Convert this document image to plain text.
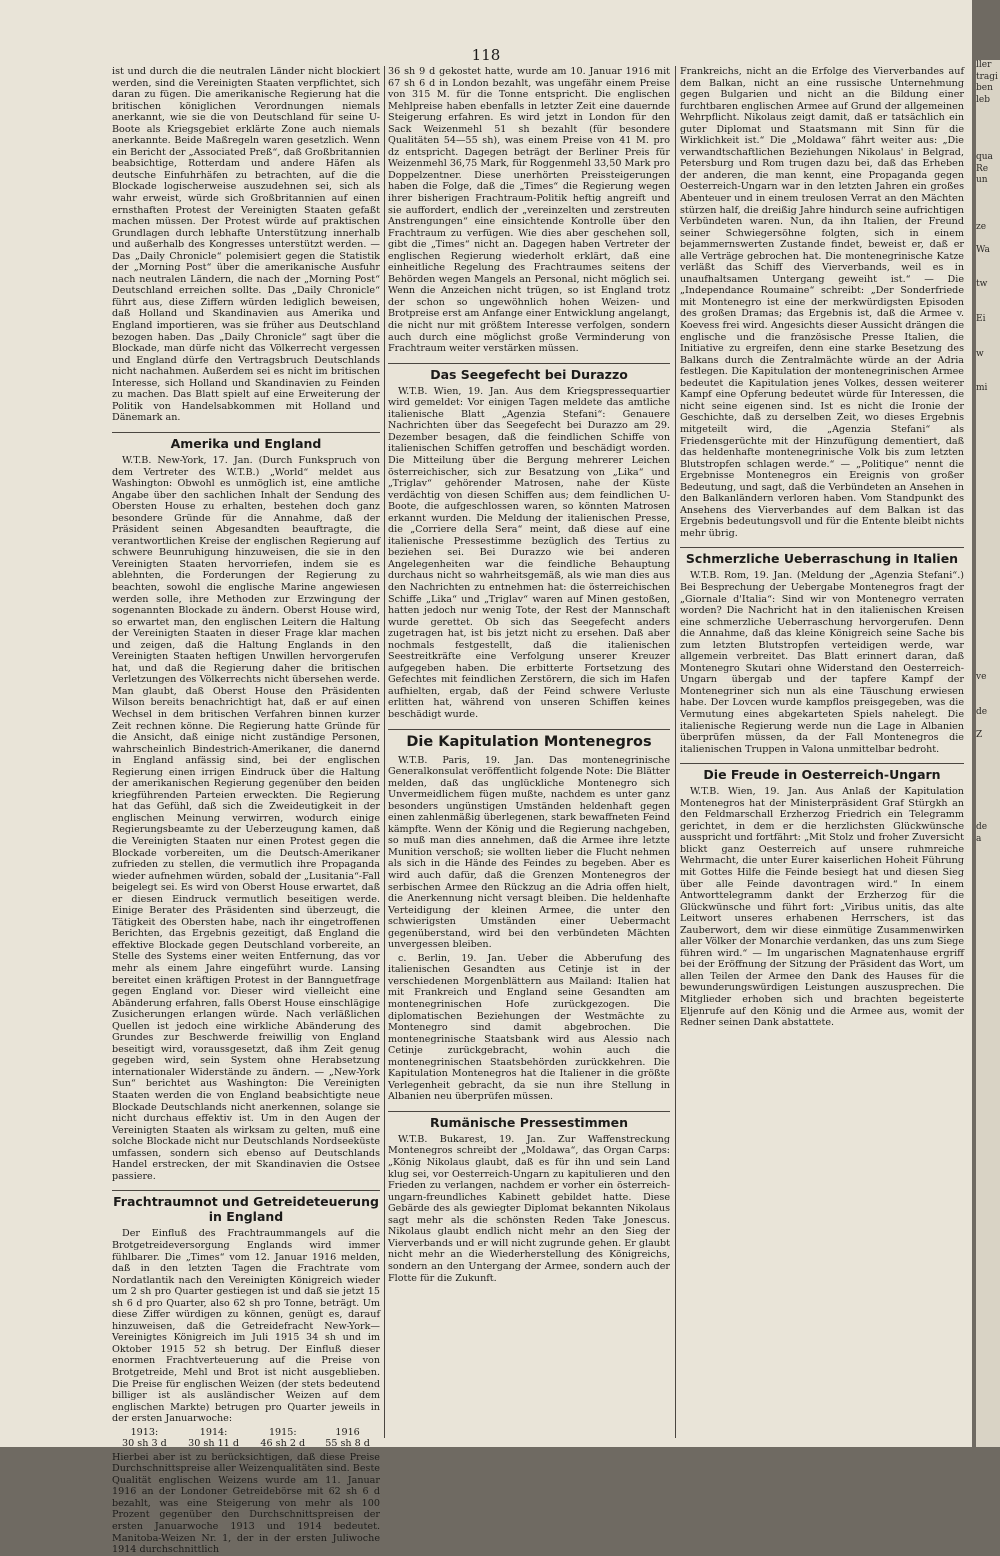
118

ist und durch die die neutralen Länder nicht blockiert werden, sind die Vereinigten Staaten verpflichtet, sich daran zu fügen. Die amerikanische Regierung hat die britischen königlichen Verordnungen niemals anerkannt, wie sie die von Deutschland für seine U-Boote als Kriegsgebiet erklärte Zone auch niemals anerkannte. Beide Maßregeln waren gesetzlich. Wenn ein Bericht der „Associated Preß“, daß Großbritannien beabsichtige, Rotterdam und andere Häfen als deutsche Einfuhrhäfen zu betrachten, auf die die Blockade logischerweise auszudehnen sei, sich als wahr erweist, würde sich Großbritannien auf einen ernsthaften Protest der Vereinigten Staaten gefaßt machen müssen. Der Protest würde auf praktischen Grundlagen durch lebhafte Unterstützung innerhalb und außerhalb des Kongresses unterstützt werden. — Das „Daily Chronicle“ polemisiert gegen die Statistik der „Morning Post“ über die amerikanische Ausfuhr nach neutralen Ländern, die nach der „Morning Post“ Deutschland erreichen sollte. Das „Daily Chronicle“ führt aus, diese Ziffern würden lediglich beweisen, daß Holland und Skandinavien aus Amerika und England importieren, was sie früher aus Deutschland bezogen haben. Das „Daily Chronicle“ sagt über die Blockade, man dürfe nicht das Völkerrecht vergessen und England dürfe den Vertragsbruch Deutschlands nicht nachahmen. Außerdem sei es nicht im britischen Interesse, sich Holland und Skandinavien zu Feinden zu machen. Das Blatt spielt auf eine Erweiterung der Politik von Handelsabkommen mit Holland und Dänemark an.

Amerika und England

W.T.B. New-York, 17. Jan. (Durch Funkspruch von dem Vertreter des W.T.B.) „World“ meldet aus Washington: Obwohl es unmöglich ist, eine amtliche Angabe über den sachlichen Inhalt der Sendung des Obersten House zu erhalten, bestehen doch ganz besondere Gründe für die Annahme, daß der Präsident seinen Abgesandten beauftragte, die verantwortlichen Kreise der englischen Regierung auf schwere Beunruhigung hinzuweisen, die sie in den Vereinigten Staaten hervorriefen, indem sie es ablehnten, die Forderungen der Regierung zu beachten, sowohl die englische Marine angewiesen werden solle, ihre Methoden zur Erzwingung der sogenannten Blockade zu ändern. Oberst House wird, so erwartet man, den englischen Leitern die Haltung der Vereinigten Staaten in dieser Frage klar machen und zeigen, daß die Haltung Englands in den Vereinigten Staaten heftigen Unwillen hervorgerufen hat, und daß die Regierung daher die britischen Verletzungen des Völkerrechts nicht übersehen werde. Man glaubt, daß Oberst House den Präsidenten Wilson bereits benachrichtigt hat, daß er auf einen Wechsel in dem britischen Verfahren binnen kurzer Zeit rechnen könne. Die Regierung hatte Gründe für die Ansicht, daß einige nicht zuständige Personen, wahrscheinlich Bindestrich-Amerikaner, die danernd in England anfässig sind, bei der englischen Regierung einen irrigen Eindruck über die Haltung der amerikanischen Regierung gegenüber den beiden kriegführenden Parteien erweckten. Die Regierung hat das Gefühl, daß sich die Zweideutigkeit in der englischen Meinung verwirren, wodurch einige Regierungsbeamte zu der Ueberzeugung kamen, daß die Vereinigten Staaten nur einen Protest gegen die Blockade vorbereiten, um die Deutsch-Amerikaner zufrieden zu stellen, die vermutlich ihre Propaganda wieder aufnehmen würden, sobald der „Lusitania“-Fall beigelegt sei. Es wird von Oberst House erwartet, daß er diesen Eindruck vermutlich beseitigen werde. Einige Berater des Präsidenten sind überzeugt, die Tätigkeit des Obersten habe, nach ihr eingetroffenen Berichten, das Ergebnis gezeitigt, daß England die effektive Blockade gegen Deutschland vorbereite, an Stelle des Systems einer weiten Entfernung, das vor mehr als einem Jahre eingeführt wurde. Lansing bereitet einen kräftigen Protest in der Bannguetfrage gegen England vor. Dieser wird vielleicht eine Abänderung erfahren, falls Oberst House einschlägige Zusicherungen erlangen würde. Nach verläßlichen Quellen ist jedoch eine wirkliche Abänderung des Grundes zur Beschwerde freiwillig von England beseitigt wird, voraussgesetzt, daß ihm Zeit genug gegeben wird, sein System ohne Herabsetzung internationaler Widerstände zu ändern. — „New-York Sun“ berichtet aus Washington: Die Vereinigten Staaten werden die von England beabsichtigte neue Blockade Deutschlands nicht anerkennen, solange sie nicht durchaus effektiv ist. Um in den Augen der Vereinigten Staaten als wirksam zu gelten, muß eine solche Blockade nicht nur Deutschlands Nordseeküste umfassen, sondern sich ebenso auf Deutschlands Handel erstrecken, der mit Skandinavien die Ostsee passiere.

Frachtraumnot und Getreideteuerung in England

Der Einfluß des Frachtraummangels auf die Brotgetreideversorgung Englands wird immer fühlbarer. Die „Times“ vom 12. Januar 1916 melden, daß in den letzten Tagen die Frachtrate vom Nordatlantik nach den Vereinigten Königreich wieder um 2 sh pro Quarter gestiegen ist und daß sie jetzt 15 sh 6 d pro Quarter, also 62 sh pro Tonne, beträgt. Um diese Ziffer würdigen zu können, genügt es, darauf hinzuweisen, daß die Getreidefracht New-York—Vereinigtes Königreich im Juli 1915 34 sh und im Oktober 1915 52 sh betrug. Der Einfluß dieser enormen Frachtverteuerung auf die Preise von Brotgetreide, Mehl und Brot ist nicht ausgeblieben. Die Preise für englischen Weizen (der stets bedeutend billiger ist als ausländischer Weizen auf dem englischen Markte) betrugen pro Quarter jeweils in der ersten Januarwoche:

1913:	1914:	1915:	1916
30 sh 3 d	30 sh 11 d	46 sh 2 d	55 sh 8 d

Hierbei aber ist zu berücksichtigen, daß diese Preise Durchschnittspreise aller Weizenqualitäten sind. Beste Qualität englischen Weizens wurde am 11. Januar 1916 an der Londoner Getreidebörse mit 62 sh 6 d bezahlt, was eine Steigerung von mehr als 100 Prozent gegenüber den Durchschnittspreisen der ersten Januarwoche 1913 und 1914 bedeutet. Manitoba-Weizen Nr. 1, der in der ersten Juliwoche 1914 durchschnittlich

36 sh 9 d gekostet hatte, wurde am 10. Januar 1916 mit 67 sh 6 d in London bezahlt, was ungefähr einem Preise von 315 M. für die Tonne entspricht. Die englischen Mehlpreise haben ebenfalls in letzter Zeit eine dauernde Steigerung erfahren. Es wird jetzt in London für den Sack Weizenmehl 51 sh bezahlt (für besondere Qualitäten 54—55 sh), was einem Preise von 41 M. pro dz entspricht. Dagegen beträgt der Berliner Preis für Weizenmehl 36,75 Mark, für Roggenmehl 33,50 Mark pro Doppelzentner. Diese unerhörten Preissteigerungen haben die Folge, daß die „Times“ die Regierung wegen ihrer bisherigen Frachtraum-Politik heftig angreift und sie auffordert, endlich der „vereinzelten und zerstreuten Anstrengungen“ eine einsichtende Kontrolle über den Frachtraum zu verfügen. Wie dies aber geschehen soll, gibt die „Times“ nicht an. Dagegen haben Vertreter der englischen Regierung wiederholt erklärt, daß eine einheitliche Regelung des Frachtraumes seitens der Behörden wegen Mangels an Personal, nicht möglich sei. Wenn die Anzeichen nicht trügen, so ist England trotz der schon so ungewöhnlich hohen Weizen- und Brotpreise erst am Anfange einer Entwicklung angelangt, die nicht nur mit größtem Interesse verfolgen, sondern auch durch eine möglichst große Verminderung von Frachtraum weiter verstärken müssen.

Das Seegefecht bei Durazzo

W.T.B. Wien, 19. Jan. Aus dem Kriegspressequartier wird gemeldet: Vor einigen Tagen meldete das amtliche italienische Blatt „Agenzia Stefani“: Genauere Nachrichten über das Seegefecht bei Durazzo am 29. Dezember besagen, daß die feindlichen Schiffe von italienischen Schiffen getroffen und beschädigt worden. Die Mitteilung über die Bergung mehrerer Leichen österreichischer, sich zur Besatzung von „Lika“ und „Triglav“ gehörender Matrosen, nahe der Küste verdächtig von diesen Schiffen aus; dem feindlichen U-Boote, die aufgeschlossen waren, so könnten Matrosen erkannt wurden. Die Meldung der italienischen Presse, die „Corriere della Sera“ meint, daß diese auf eine italienische Pressestimme bezüglich des Tertius zu beziehen sei. Bei Durazzo wie bei anderen Angelegenheiten war die feindliche Behauptung durchaus nicht so wahrheitsgemäß, als wie man dies aus den Nachrichten zu entnehmen hat: die österreichischen Schiffe „Lika“ und „Triglav“ waren auf Minen gestoßen, hatten jedoch nur wenig Tote, der Rest der Mannschaft wurde gerettet. Ob sich das Seegefecht anders zugetragen hat, ist bis jetzt nicht zu ersehen. Daß aber nochmals festgestellt, daß die italienischen Seestreitkräfte eine Verfolgung unserer Kreuzer aufgegeben haben. Die erbitterte Fortsetzung des Gefechtes mit feindlichen Zerstörern, die sich im Hafen aufhielten, ergab, daß der Feind schwere Verluste erlitten hat, während von unseren Schiffen keines beschädigt wurde.

Die Kapitulation Montenegros

W.T.B. Paris, 19. Jan. Das montenegrinische Generalkonsulat veröffentlicht folgende Note: Die Blätter melden, daß das unglückliche Montenegro sich Unvermeidlichem fügen mußte, nachdem es unter ganz besonders ungünstigen Umständen heldenhaft gegen einen zahlenmäßig überlegenen, stark bewaffneten Feind kämpfte. Wenn der König und die Regierung nachgeben, so muß man dies annehmen, daß die Armee ihre letzte Munition verschoß; sie wollten lieber die Flucht nehmen als sich in die Hände des Feindes zu begeben. Aber es wird auch dafür, daß die Grenzen Montenegros der serbischen Armee den Rückzug an die Adria offen hielt, die Anerkennung nicht versagt bleiben. Die heldenhafte Verteidigung der kleinen Armee, die unter den schwierigsten Umständen einer Uebermacht gegenüberstand, wird bei den verbündeten Mächten unvergessen bleiben.

c. Berlin, 19. Jan. Ueber die Abberufung des italienischen Gesandten aus Cetinje ist in der verschiedenen Morgenblättern aus Mailand: Italien hat mit Frankreich und England seine Gesandten am montenegrinischen Hofe zurückgezogen. Die diplomatischen Beziehungen der Westmächte zu Montenegro sind damit abgebrochen. Die montenegrinische Staatsbank wird aus Alessio nach Cetinje zurückgebracht, wohin auch die montenegrinischen Staatsbehörden zurückkehren. Die Kapitulation Montenegros hat die Italiener in die größte Verlegenheit gebracht, da sie nun ihre Stellung in Albanien neu überprüfen müssen.

Rumänische Pressestimmen

W.T.B. Bukarest, 19. Jan. Zur Waffenstreckung Montenegros schreibt der „Moldawa“, das Organ Carps: „König Nikolaus glaubt, daß es für ihn und sein Land klug sei, vor Oesterreich-Ungarn zu kapitulieren und den Frieden zu verlangen, nachdem er vorher ein österreich-ungarn-freundliches Kabinett gebildet hatte. Diese Gebärde des als gewiegter Diplomat bekannten Nikolaus sagt mehr als die schönsten Reden Take Jonescus. Nikolaus glaubt endlich nicht mehr an den Sieg der Vierverbands und er will nicht zugrunde gehen. Er glaubt nicht mehr an die Wiederherstellung des Königreichs, sondern an den Untergang der Armee, sondern auch der Flotte für die Zukunft.

Frankreichs, nicht an die Erfolge des Vierverbandes auf dem Balkan, nicht an eine russische Unternehmung gegen Bulgarien und nicht an die Bildung einer furchtbaren englischen Armee auf Grund der allgemeinen Wehrpflicht. Nikolaus zeigt damit, daß er tatsächlich ein guter Diplomat und Staatsmann mit Sinn für die Wirklichkeit ist.“ Die „Moldawa“ fährt weiter aus: „Die verwandtschaftlichen Beziehungen Nikolaus' in Belgrad, Petersburg und Rom trugen dazu bei, daß das Erheben der anderen, die man kennt, eine Propaganda gegen Oesterreich-Ungarn war in den letzten Jahren ein großes Abenteuer und in einem treulosen Verrat an den Mächten stürzen half, die dreißig Jahre hindurch seine aufrichtigen Verbündeten waren. Nun, da ihn Italien, der Freund seiner Schwiegersöhne folgten, sich in einem bejammernswerten Zustande findet, beweist er, daß er alle Verträge gebrochen hat. Die montenegrinische Katze verläßt das Schiff des Vierverbands, weil es in unaufhaltsamen Untergang geweiht ist.“ — Die „Independance Roumaine“ schreibt: „Der Sonderfriede mit Montenegro ist eine der merkwürdigsten Episoden des großen Dramas; das Ergebnis ist, daß die Armee v. Koevess frei wird. Angesichts dieser Aussicht drängen die englische und die französische Presse Italien, die Initiative zu ergreifen, denn eine starke Besetzung des Balkans durch die Zentralmächte würde an der Adria festlegen. Die Kapitulation der montenegrinischen Armee bedeutet die Kapitulation jenes Volkes, dessen weiterer Kampf eine Opferung bedeutet würde für Interessen, die nicht seine eigenen sind. Ist es nicht die Ironie der Geschichte, daß zu derselben Zeit, wo dieses Ergebnis mitgeteilt wird, die „Agenzia Stefani“ als Friedensgerüchte mit der Hinzufügung dementiert, daß das heldenhafte montenegrinische Volk bis zum letzten Blutstropfen schlagen werde.“ — „Politique“ nennt die Ergebnisse Montenegros ein Ereignis von großer Bedeutung, und sagt, daß die Verbündeten an Ansehen in den Balkanländern verloren haben. Vom Standpunkt des Ansehens des Vierverbandes auf dem Balkan ist das Ergebnis bedeutungsvoll und für die Entente bleibt nichts mehr übrig.

Schmerzliche Ueberraschung in Italien

W.T.B. Rom, 19. Jan. (Meldung der „Agenzia Stefani“.) Bei Besprechung der Uebergabe Montenegros fragt der „Giornale d'Italia“: Sind wir von Montenegro verraten worden? Die Nachricht hat in den italienischen Kreisen eine schmerzliche Ueberraschung hervorgerufen. Denn die Annahme, daß das kleine Königreich seine Sache bis zum letzten Blutstropfen verteidigen werde, war allgemein verbreitet. Das Blatt erinnert daran, daß Montenegro Skutari ohne Widerstand den Oesterreich-Ungarn übergab und der tapfere Kampf der Montenegriner sich nun als eine Täuschung erwiesen habe. Der Lovcen wurde kampflos preisgegeben, was die Vermutung eines abgekarteten Spiels nahelegt. Die italienische Regierung werde nun die Lage in Albanien überprüfen müssen, da der Fall Montenegros die italienischen Truppen in Valona unmittelbar bedroht.

Die Freude in Oesterreich-Ungarn

W.T.B. Wien, 19. Jan. Aus Anlaß der Kapitulation Montenegros hat der Ministerpräsident Graf Stürgkh an den Feldmarschall Erzherzog Friedrich ein Telegramm gerichtet, in dem er die herzlichsten Glückwünsche ausspricht und fortfährt: „Mit Stolz und froher Zuversicht blickt ganz Oesterreich auf unsere ruhmreiche Wehrmacht, die unter Eurer kaiserlichen Hoheit Führung mit Gottes Hilfe die Feinde besiegt hat und diesen Sieg über alle Feinde davontragen wird.“ In einem Antworttelegramm dankt der Erzherzog für die Glückwünsche und führt fort: „Viribus unitis, das alte Leitwort unseres erhabenen Herrschers, ist das Zauberwort, dem wir diese einmütige Zusammenwirken aller Völker der Monarchie verdanken, das uns zum Siege führen wird.“ — Im ungarischen Magnatenhause ergriff bei der Eröffnung der Sitzung der Präsident das Wort, um allen Teilen der Armee den Dank des Hauses für die bewunderungswürdigen Leistungen auszusprechen. Die Mitglieder erhoben sich und brachten begeisterte Eljenrufe auf den König und die Armee aus, womit der Redner seinen Dank abstattete.

ller
tragi
ben
leb

qua
Re
un

ze

Wa

tw

Ei

w

mi

ve

de

Z

de
a
